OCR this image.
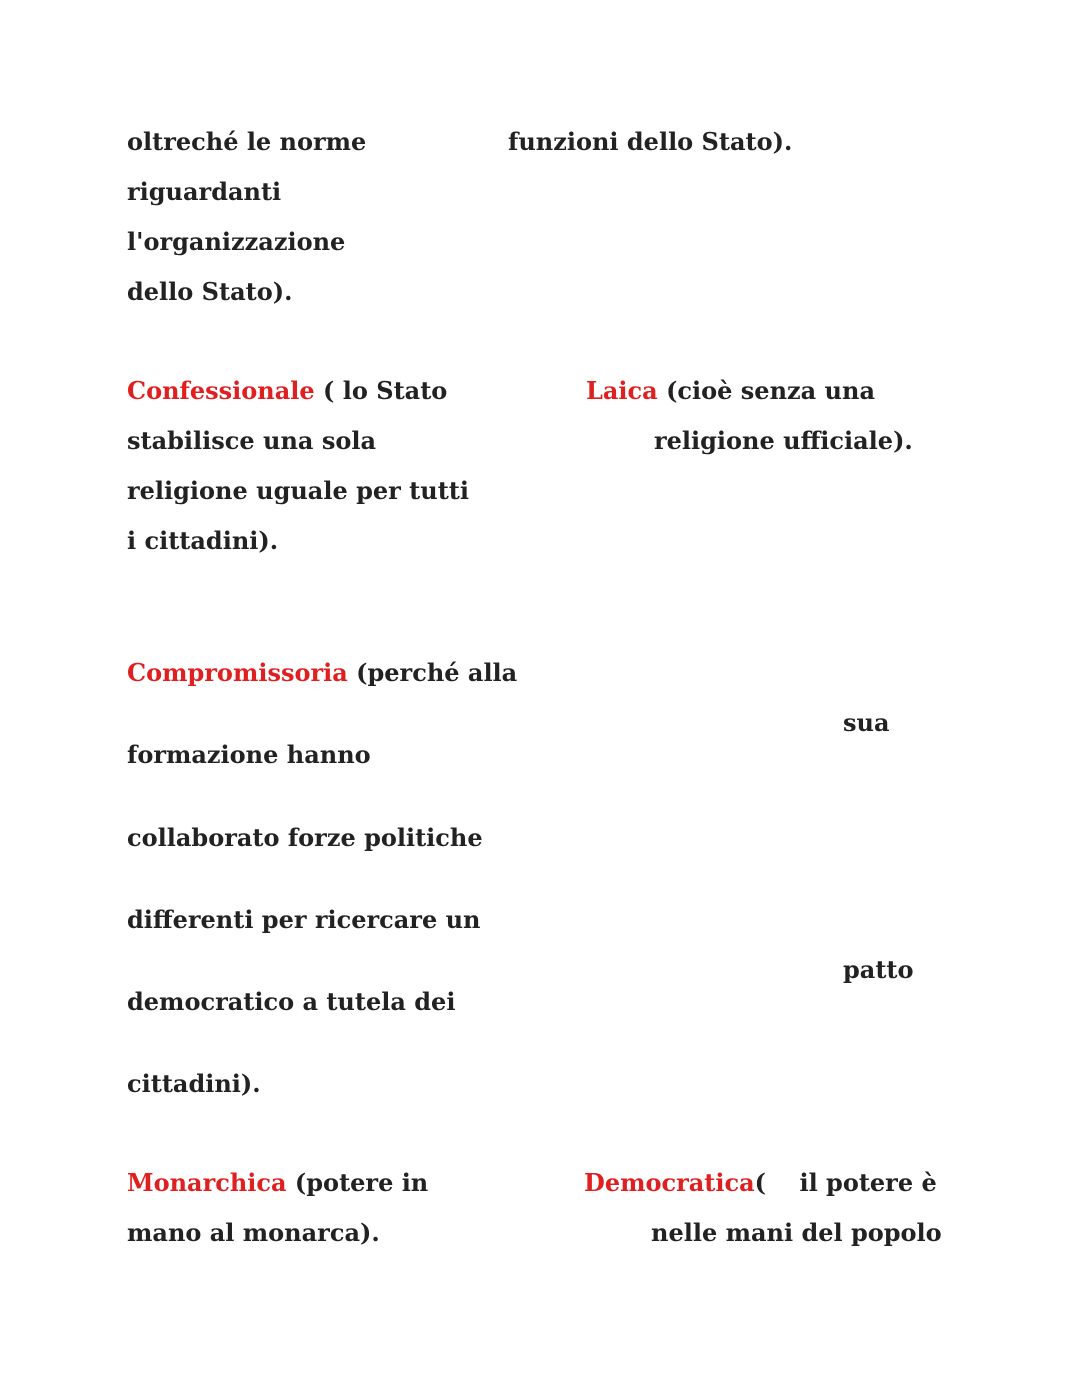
oltreché le norme
riguardanti
l'organizzazione
dello Stato).
funzioni dello Stato).
Confessionale ( lo Stato
stabilisce una sola
religione uguale per tutti
i cittadini).
Laica (cioè senza una
religione ufficiale).
Compromissoria (perché alla
sua
formazione hanno
collaborato forze politiche
differenti per ricercare un
patto
democratico a tutela dei
cittadini).
Monarchica (potere in
mano al monarca).
Democratica(    il potere è
nelle mani del popolo
